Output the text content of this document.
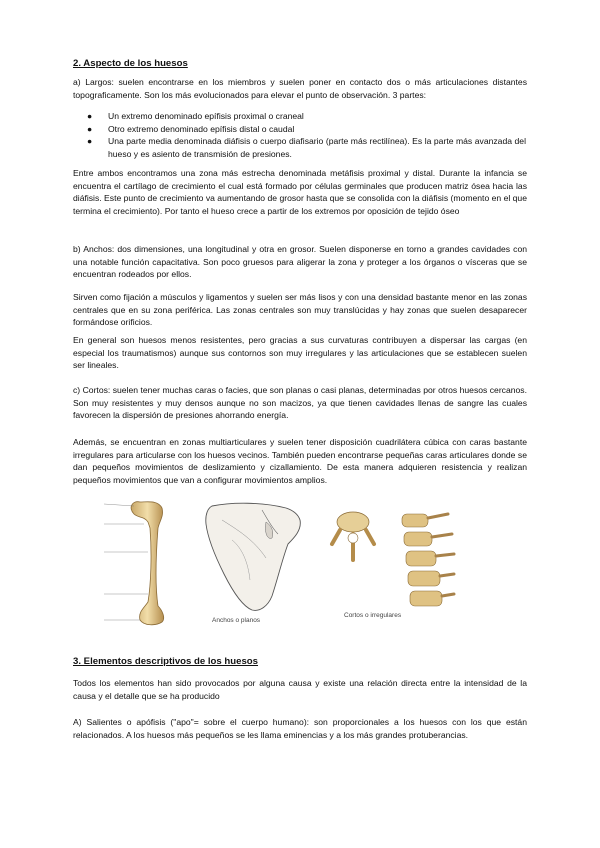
2. Aspecto de los huesos

a) Largos: suelen encontrarse en los miembros y suelen poner en contacto dos o más articulaciones distantes topograficamente. Son los más evolucionados para elevar el punto de observación. 3 partes:

● Un extremo denominado epífisis proximal o craneal
● Otro extremo denominado epífisis distal o caudal
● Una parte media denominada diáfisis o cuerpo diafisario (parte más rectilínea). Es la parte más avanzada del hueso y es asiento de transmisión de presiones.

Entre ambos encontramos una zona más estrecha denominada metáfisis proximal y distal. Durante la infancia se encuentra el cartílago de crecimiento el cual está formado por células germinales que producen matriz ósea hacia las diáfisis. Este punto de crecimiento va aumentando de grosor hasta que se consolida con la diáfisis (momento en el que termina el crecimiento). Por tanto el hueso crece a partir de los extremos por oposición de tejido óseo

b) Anchos: dos dimensiones, una longitudinal y otra en grosor. Suelen disponerse en torno a grandes cavidades con una notable función capacitativa. Son poco gruesos para aligerar la zona y proteger a los órganos o vísceras que se encuentran rodeados por ellos.

Sirven como fijación a músculos y ligamentos y suelen ser más lisos y con una densidad bastante menor en las zonas centrales que en su zona periférica. Las zonas centrales son muy translúcidas y hay zonas que suelen desaparecer formándose orificios.

En general son huesos menos resistentes, pero gracias a sus curvaturas contribuyen a dispersar las cargas (en especial los traumatismos) aunque sus contornos son muy irregulares y las articulaciones que se establecen suelen ser lineales.

c) Cortos: suelen tener muchas caras o facies, que son planas o casi planas, determinadas por otros huesos cercanos. Son muy resistentes y muy densos aunque no son macizos, ya que tienen cavidades llenas de sangre las cuales favorecen la dispersión de presiones ahorrando energía.

Además, se encuentran en zonas multiarticulares y suelen tener disposición cuadrilátera cúbica con caras bastante irregulares para articularse con los huesos vecinos. También pueden encontrarse pequeñas caras articulares donde se dan pequeños movimientos de deslizamiento y cizallamiento. De esta manera adquieren resistencia y realizan pequeños movimientos que van a configurar movimientos amplios.

Anchos o planos
Cortos o irregulares
3. Elementos descriptivos de los huesos

Todos los elementos han sido provocados por alguna causa y existe una relación directa entre la intensidad de la causa y el detalle que se ha producido

A) Salientes o apófisis ("apo"= sobre el cuerpo humano): son proporcionales a los huesos con los que están relacionados. A los huesos más pequeños se les llama eminencias y a los más grandes protuberancias.
